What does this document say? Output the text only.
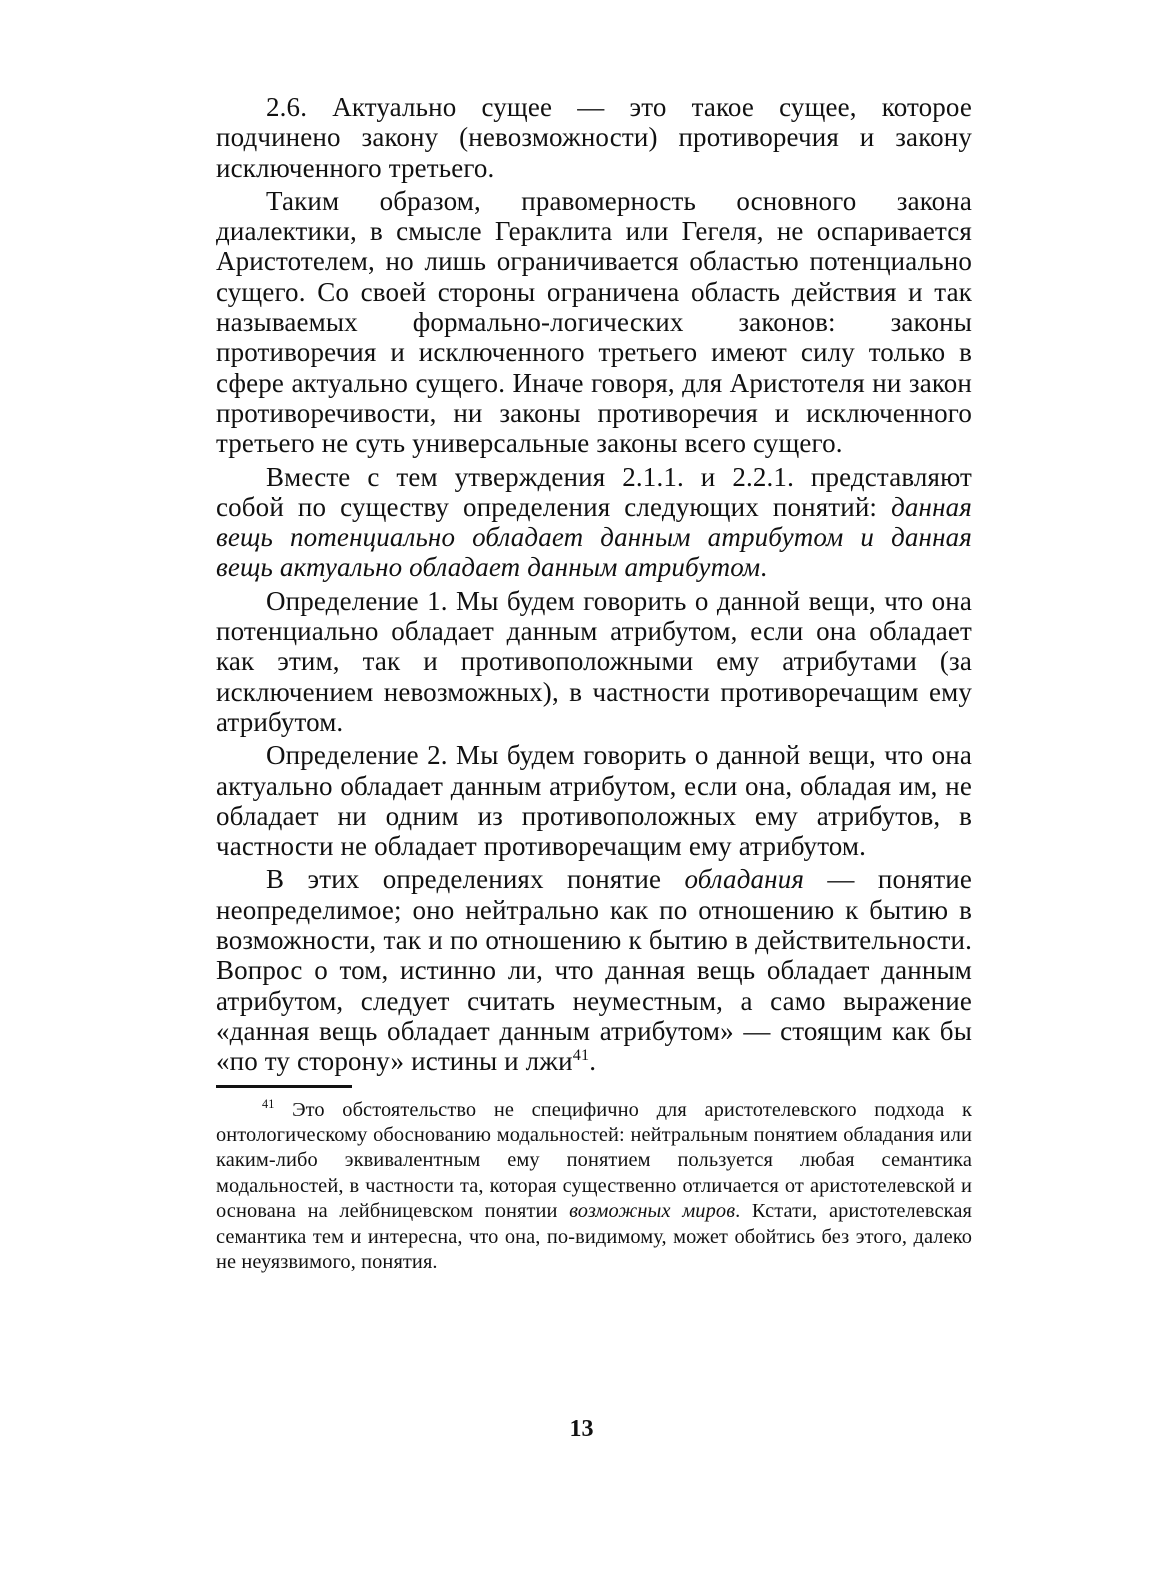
2.6. Актуально сущее — это такое сущее, которое подчинено закону (невозможности) противоречия и закону исключенного третьего.

Таким образом, правомерность основного закона диалектики, в смысле Гераклита или Гегеля, не оспаривается Аристотелем, но лишь ограничивается областью потенциально сущего. Со своей стороны ограничена область действия и так называемых формально-логических законов: законы противоречия и исключенного третьего имеют силу только в сфере актуально сущего. Иначе говоря, для Аристотеля ни закон противоречивости, ни законы противоречия и исключенного третьего не суть универсальные законы всего сущего.

Вместе с тем утверждения 2.1.1. и 2.2.1. представляют собой по существу определения следующих понятий: данная вещь потенциально обладает данным атрибутом и данная вещь актуально обладает данным атрибутом.

Определение 1. Мы будем говорить о данной вещи, что она потенциально обладает данным атрибутом, если она обладает как этим, так и противоположными ему атрибутами (за исключением невозможных), в частности противоречащим ему атрибутом.

Определение 2. Мы будем говорить о данной вещи, что она актуально обладает данным атрибутом, если она, обладая им, не обладает ни одним из противоположных ему атрибутов, в частности не обладает противоречащим ему атрибутом.

В этих определениях понятие обладания — понятие неопределимое; оно нейтрально как по отношению к бытию в возможности, так и по отношению к бытию в действительности. Вопрос о том, истинно ли, что данная вещь обладает данным атрибутом, следует считать неуместным, а само выражение «данная вещь обладает данным атрибутом» — стоящим как бы «по ту сторону» истины и лжи$^{41}$.

$^{41}$ Это обстоятельство не специфично для аристотелевского подхода к онтологическому обоснованию модальностей: нейтральным понятием обладания или каким-либо эквивалентным ему понятием пользуется любая семантика модальностей, в частности та, которая существенно отличается от аристотелевской и основана на лейбницевском понятии возможных миров. Кстати, аристотелевская семантика тем и интересна, что она, по-видимому, может обойтись без этого, далеко не неуязвимого, понятия.

13
